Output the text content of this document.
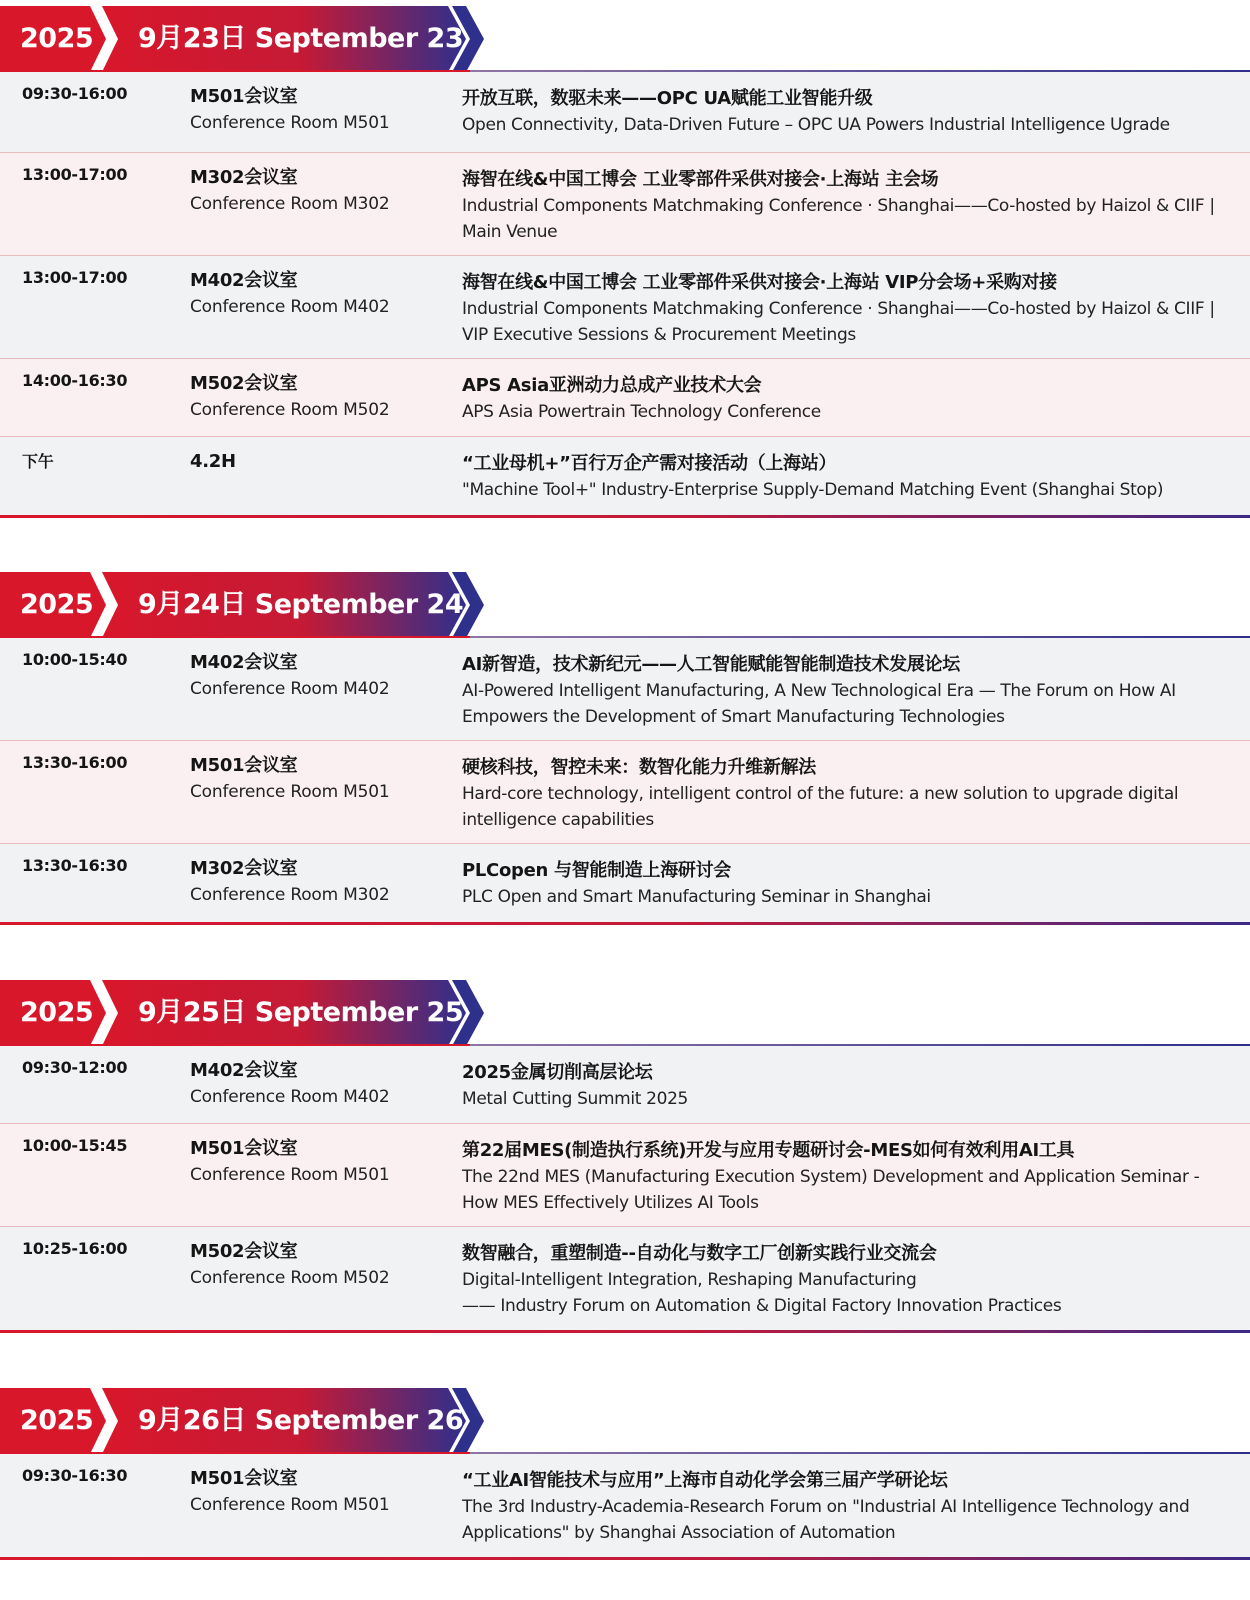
2025 9月23日 September 23
09:30-16:00	M501会议室
Conference Room M501
开放互联，数驱未来——OPC UA赋能工业智能升级
Open Connectivity, Data-Driven Future – OPC UA Powers Industrial Intelligence Ugrade
13:00-17:00	M302会议室
Conference Room M302
海智在线&中国工博会 工业零部件采供对接会·上海站 主会场
Industrial Components Matchmaking Conference · Shanghai——Co-hosted by Haizol & CIIF |
Main Venue
13:00-17:00	M402会议室
Conference Room M402
海智在线&中国工博会 工业零部件采供对接会·上海站 VIP分会场+采购对接
Industrial Components Matchmaking Conference · Shanghai——Co-hosted by Haizol & CIIF |
VIP Executive Sessions & Procurement Meetings
14:00-16:30	M502会议室
Conference Room M502
APS Asia亚洲动力总成产业技术大会
APS Asia Powertrain Technology Conference
下午	4.2H	“工业母机+”百行万企产需对接活动（上海站）
"Machine Tool+" Industry-Enterprise Supply-Demand Matching Event (Shanghai Stop)
2025 9月24日 September 24
10:00-15:40	M402会议室
Conference Room M402
AI新智造，技术新纪元——人工智能赋能智能制造技术发展论坛
AI-Powered Intelligent Manufacturing, A New Technological Era — The Forum on How AI
Empowers the Development of Smart Manufacturing Technologies
13:30-16:00	M501会议室
Conference Room M501
硬核科技，智控未来：数智化能力升维新解法
Hard-core technology, intelligent control of the future: a new solution to upgrade digital
intelligence capabilities
13:30-16:30	M302会议室
Conference Room M302
PLCopen 与智能制造上海研讨会
PLC Open and Smart Manufacturing Seminar in Shanghai
2025 9月25日 September 25
09:30-12:00	M402会议室
Conference Room M402
2025金属切削高层论坛
Metal Cutting Summit 2025
10:00-15:45	M501会议室
Conference Room M501
第22届MES(制造执行系统)开发与应用专题研讨会-MES如何有效利用AI工具
The 22nd MES (Manufacturing Execution System) Development and Application Seminar -
How MES Effectively Utilizes AI Tools
10:25-16:00	M502会议室
Conference Room M502
数智融合，重塑制造--自动化与数字工厂创新实践行业交流会
Digital-Intelligent Integration, Reshaping Manufacturing
—— Industry Forum on Automation & Digital Factory Innovation Practices
2025 9月26日 September 26
09:30-16:30	M501会议室
Conference Room M501
“工业AI智能技术与应用”上海市自动化学会第三届产学研论坛
The 3rd Industry-Academia-Research Forum on "Industrial AI Intelligence Technology and
Applications" by Shanghai Association of Automation
